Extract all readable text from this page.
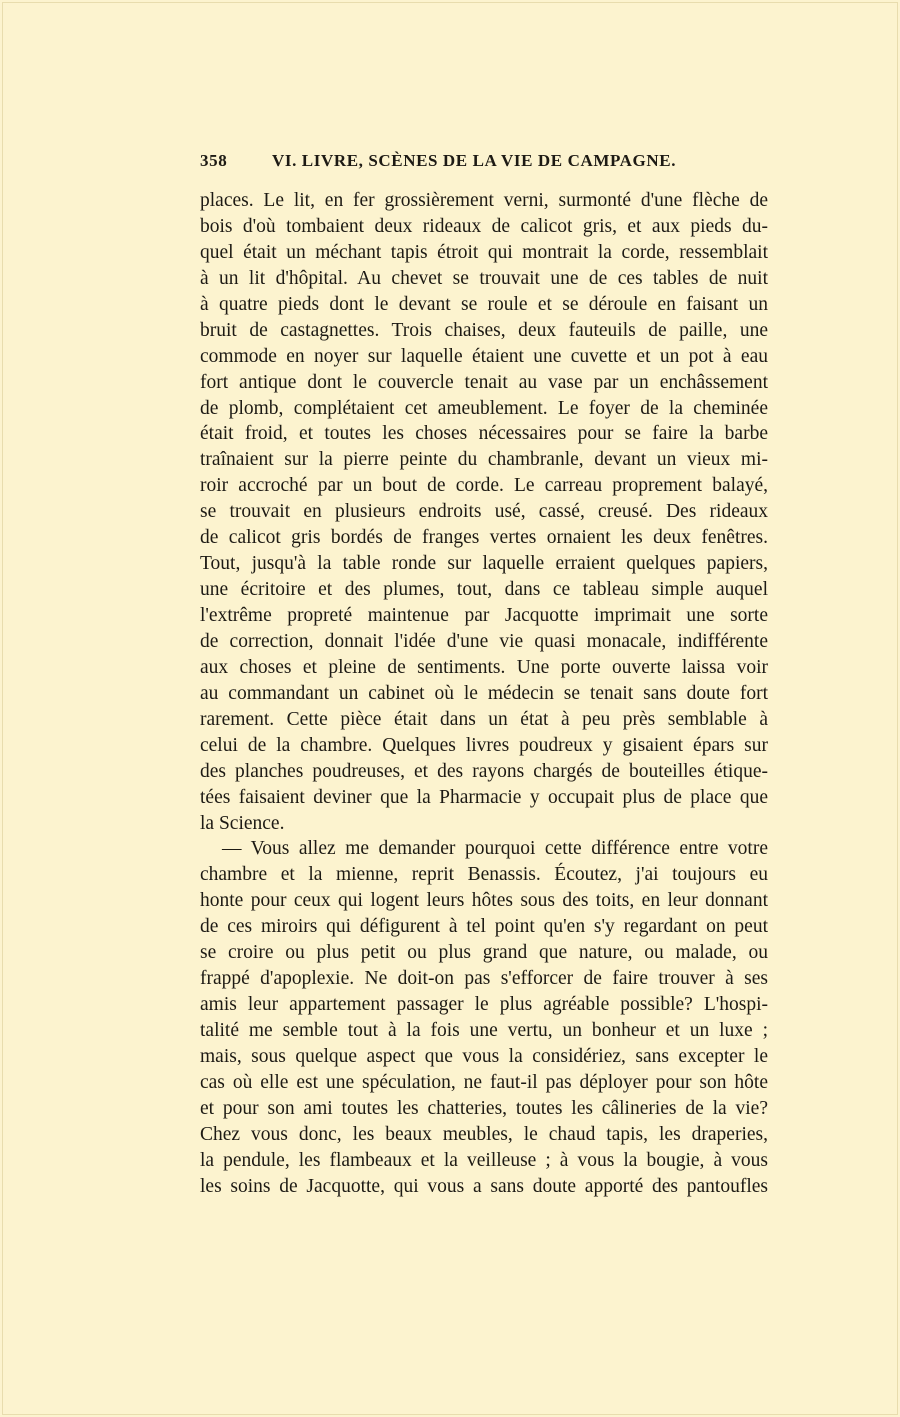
358	VI. LIVRE, SCÈNES DE LA VIE DE CAMPAGNE.
places. Le lit, en fer grossièrement verni, surmonté d'une flèche de
bois d'où tombaient deux rideaux de calicot gris, et aux pieds du-
quel était un méchant tapis étroit qui montrait la corde, ressemblait
à un lit d'hôpital. Au chevet se trouvait une de ces tables de nuit
à quatre pieds dont le devant se roule et se déroule en faisant un
bruit de castagnettes. Trois chaises, deux fauteuils de paille, une
commode en noyer sur laquelle étaient une cuvette et un pot à eau
fort antique dont le couvercle tenait au vase par un enchâssement
de plomb, complétaient cet ameublement. Le foyer de la cheminée
était froid, et toutes les choses nécessaires pour se faire la barbe
traînaient sur la pierre peinte du chambranle, devant un vieux mi-
roir accroché par un bout de corde. Le carreau proprement balayé,
se trouvait en plusieurs endroits usé, cassé, creusé. Des rideaux
de calicot gris bordés de franges vertes ornaient les deux fenêtres.
Tout, jusqu'à la table ronde sur laquelle erraient quelques papiers,
une écritoire et des plumes, tout, dans ce tableau simple auquel
l'extrême propreté maintenue par Jacquotte imprimait une sorte
de correction, donnait l'idée d'une vie quasi monacale, indifférente
aux choses et pleine de sentiments. Une porte ouverte laissa voir
au commandant un cabinet où le médecin se tenait sans doute fort
rarement. Cette pièce était dans un état à peu près semblable à
celui de la chambre. Quelques livres poudreux y gisaient épars sur
des planches poudreuses, et des rayons chargés de bouteilles étique-
tées faisaient deviner que la Pharmacie y occupait plus de place que
la Science.
— Vous allez me demander pourquoi cette différence entre votre
chambre et la mienne, reprit Benassis. Écoutez, j'ai toujours eu
honte pour ceux qui logent leurs hôtes sous des toits, en leur donnant
de ces miroirs qui défigurent à tel point qu'en s'y regardant on peut
se croire ou plus petit ou plus grand que nature, ou malade, ou
frappé d'apoplexie. Ne doit-on pas s'efforcer de faire trouver à ses
amis leur appartement passager le plus agréable possible? L'hospi-
talité me semble tout à la fois une vertu, un bonheur et un luxe ;
mais, sous quelque aspect que vous la considériez, sans excepter le
cas où elle est une spéculation, ne faut-il pas déployer pour son hôte
et pour son ami toutes les chatteries, toutes les câlineries de la vie?
Chez vous donc, les beaux meubles, le chaud tapis, les draperies,
la pendule, les flambeaux et la veilleuse ; à vous la bougie, à vous
les soins de Jacquotte, qui vous a sans doute apporté des pantoufles
